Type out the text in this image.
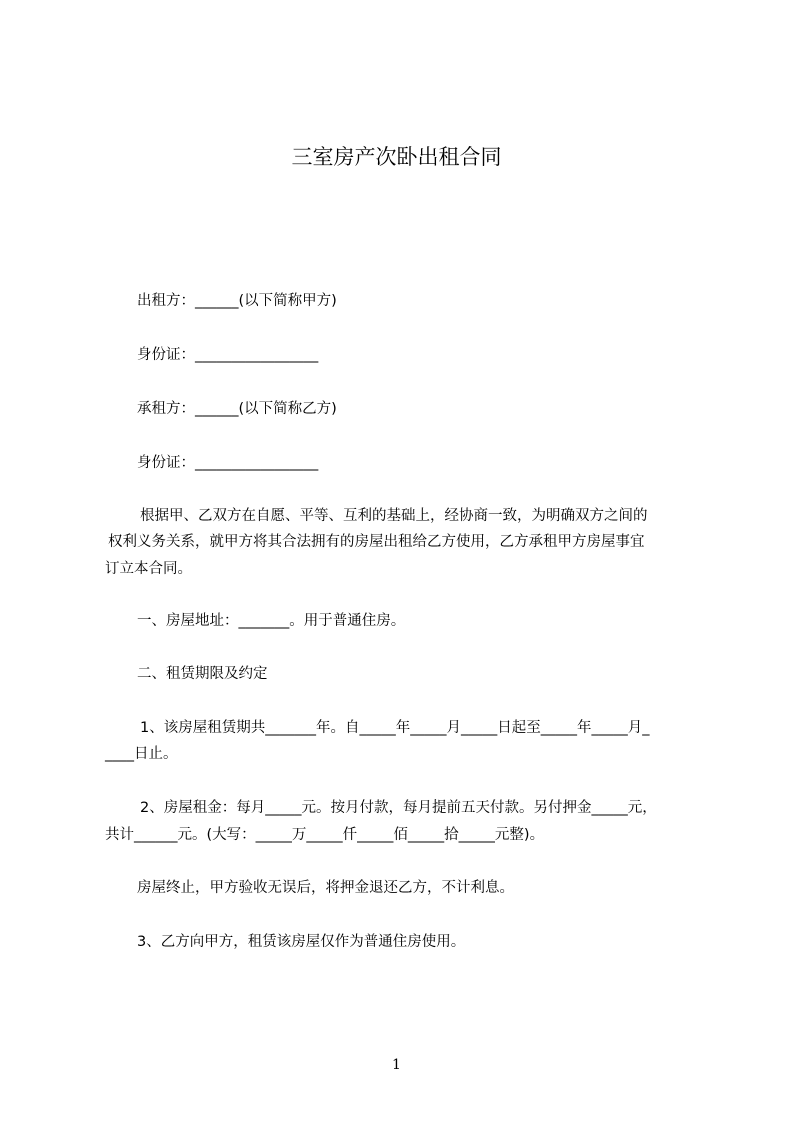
三室房产次卧出租合同
出租方：______(以下简称甲方)
身份证：_________________
承租方：______(以下简称乙方)
身份证：_________________
根据甲、乙双方在自愿、平等、互利的基础上，经协商一致，为明确双方之间的
权利义务关系，就甲方将其合法拥有的房屋出租给乙方使用，乙方承租甲方房屋事宜
订立本合同。
一、房屋地址：_______。用于普通住房。
二、租赁期限及约定
1、该房屋租赁期共_______年。自_____年_____月_____日起至_____年_____月_
____日止。
2、房屋租金：每月_____元。按月付款，每月提前五天付款。另付押金_____元，
共计______元。(大写：_____万_____仟_____佰_____拾_____元整)。
房屋终止，甲方验收无误后，将押金退还乙方，不计利息。
3、乙方向甲方，租赁该房屋仅作为普通住房使用。
1
